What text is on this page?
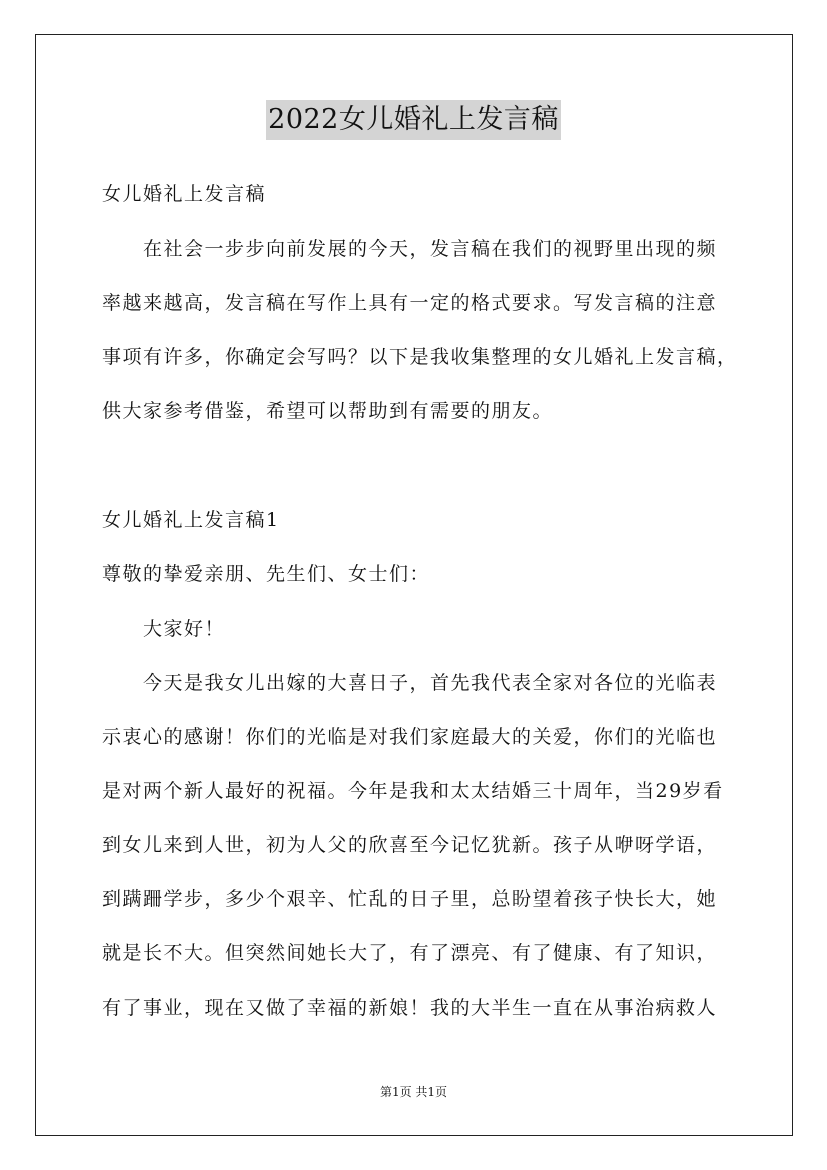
2022女儿婚礼上发言稿
女儿婚礼上发言稿
在社会一步步向前发展的今天，发言稿在我们的视野里出现的频
率越来越高，发言稿在写作上具有一定的格式要求。写发言稿的注意
事项有许多，你确定会写吗？以下是我收集整理的女儿婚礼上发言稿，
供大家参考借鉴，希望可以帮助到有需要的朋友。
女儿婚礼上发言稿1
尊敬的挚爱亲朋、先生们、女士们：
大家好！
今天是我女儿出嫁的大喜日子，首先我代表全家对各位的光临表
示衷心的感谢！你们的光临是对我们家庭最大的关爱，你们的光临也
是对两个新人最好的祝福。今年是我和太太结婚三十周年，当29岁看
到女儿来到人世，初为人父的欣喜至今记忆犹新。孩子从咿呀学语，
到蹒跚学步，多少个艰辛、忙乱的日子里，总盼望着孩子快长大，她
就是长不大。但突然间她长大了，有了漂亮、有了健康、有了知识，
有了事业，现在又做了幸福的新娘！我的大半生一直在从事治病救人
第1页 共1页
